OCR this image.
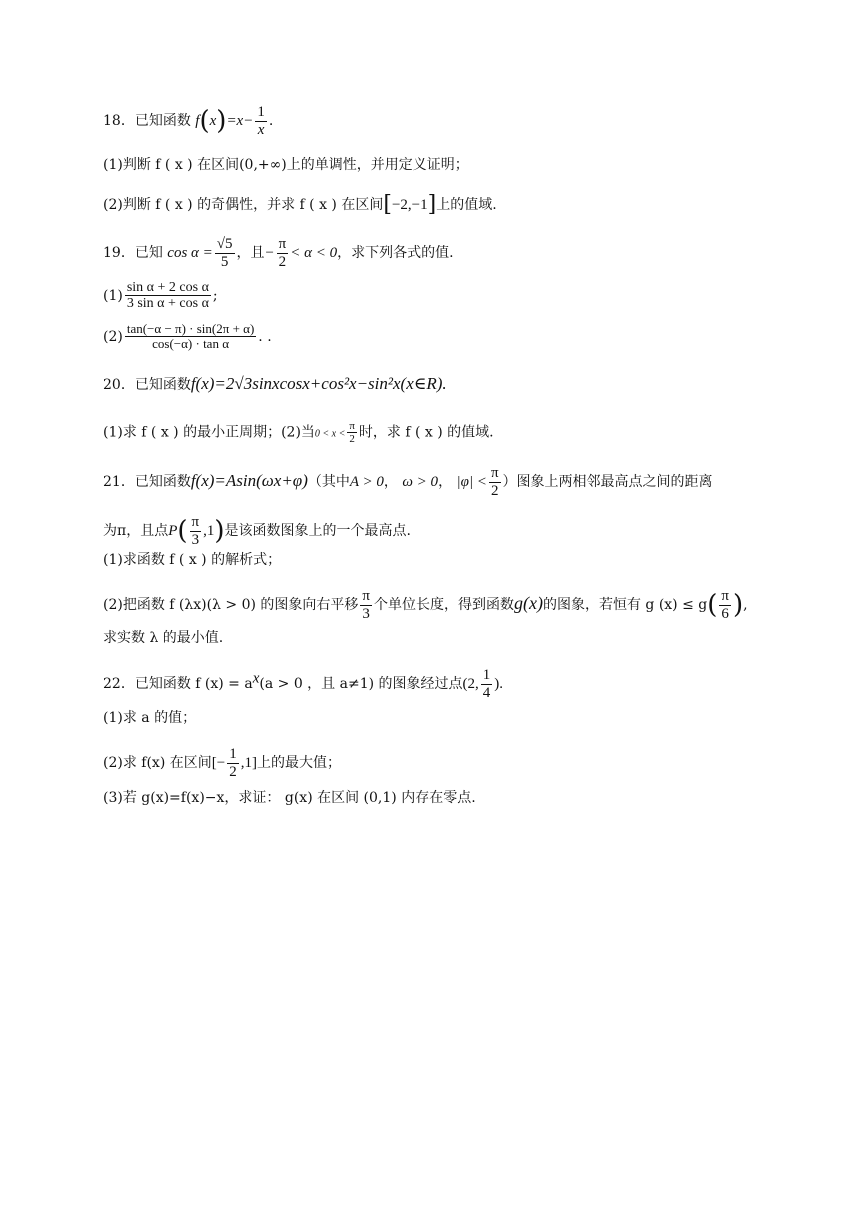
18．已知函数 $f(x)=x- \frac{1}{x}$ .
(1)判断 f ( x ) 在区间(0,+∞)上的单调性，并用定义证明；
(2)判断 f ( x ) 的奇偶性，并求 f ( x ) 在区间[−2,−1]上的值域.
19．已知 $\cos \alpha = \frac{√5}{5}$ ，且− $\frac{\pi}{2} < \alpha < 0$，求下列各式的值.
$(1) \frac{\text{sin α + 2 cos α}}{\text{3 sin α + cos α}}$ ;
$(2) \frac{\tan(-\alpha - \pi) \cdot \sin(2\pi + \alpha)}{\text{cos(−α) · tan α}}$ . .
20．已知函数f(x)=2√3sinxcosx+cos²x−sin²x(x∈R).
(1)求 f ( x ) 的最小正周期；(2)当$0 < x < \frac{\pi}{2}$ 时，求 f ( x ) 的值域.
21．已知函数f(x)=Asin(ωx+φ)（其中A > 0， ω > 0， $|\varphi| < \frac{\pi}{2}$ ）图象上两相邻最高点之间的距离
为π，且点$P( \frac{\pi}{3} ,1)$是该函数图象上的一个最高点.
(1)求函数 f ( x ) 的解析式；
(2)把函数 f (λx)(λ > 0) 的图象向右平移 $\frac{\pi}{3}$ 个单位长度，得到函数g(x)的图象，若恒有 g $(x) \le g( \frac{\pi}{6}$ ),
求实数 λ 的最小值.
22．已知函数 f $(x) = a^x(a > 0$ ，且 a≠1) 的图象经过点(2, $\frac{1}{4}$ ).
(1)求 a 的值；
(2)求 f(x) 在区间[− $\frac{1}{2} ,1$]上的最大值；
(3)若 g(x)=f(x)−x，求证： g(x) 在区间 (0,1) 内存在零点.
